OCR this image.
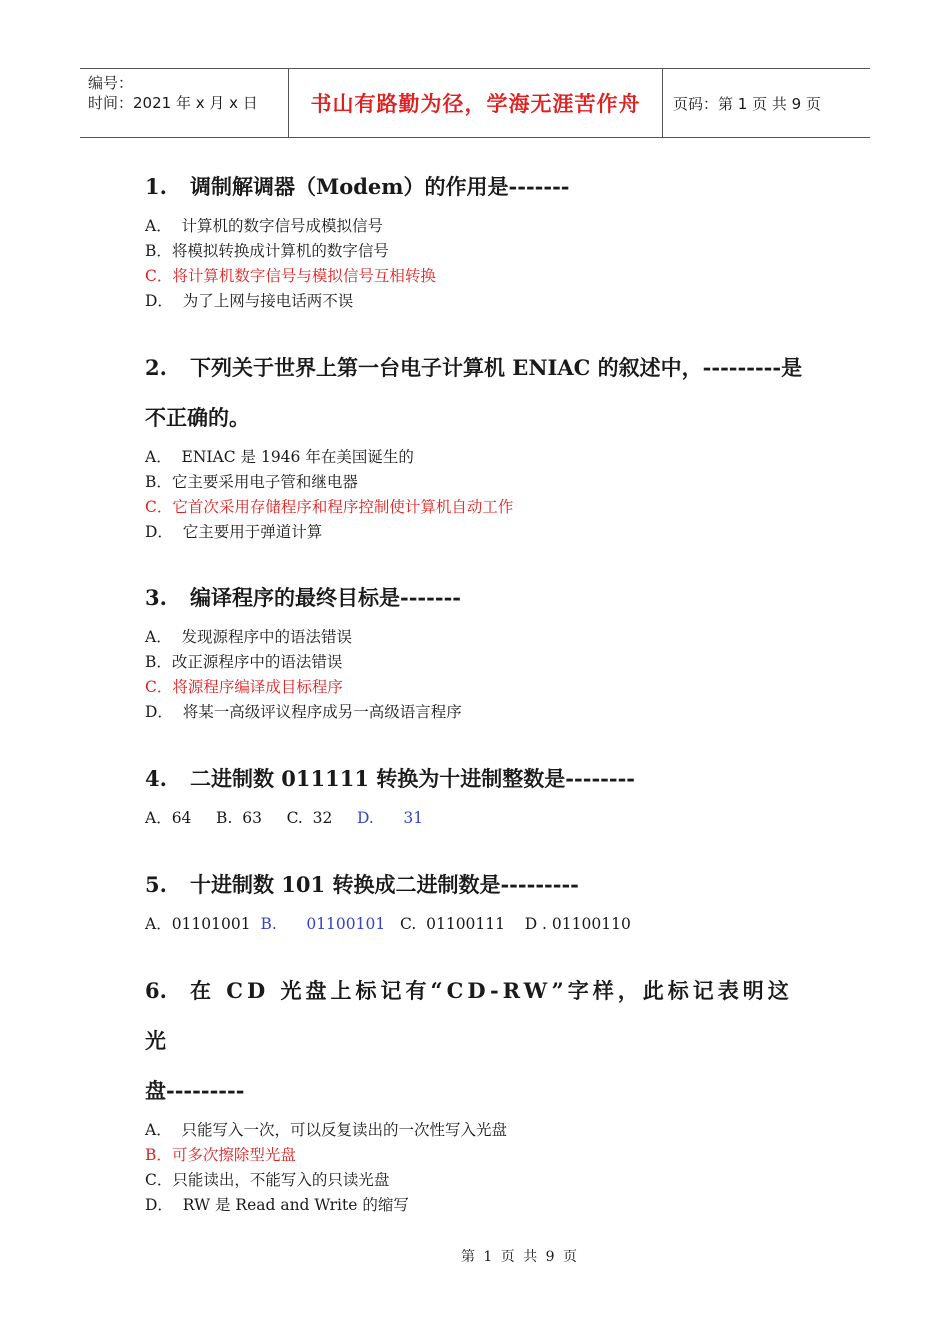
编号：
时间：2021 年 x 月 x 日	书山有路勤为径，学海无涯苦作舟	页码：第 1 页 共 9 页

1. 调制解调器（Modem）的作用是-------

A．  计算机的数字信号成模拟信号
B．将模拟转换成计算机的数字信号
C．将计算机数字信号与模拟信号互相转换
D．  为了上网与接电话两不误

2. 下列关于世界上第一台电子计算机 ENIAC 的叙述中，---------是

不正确的。

A．  ENIAC 是 1946 年在美国诞生的
B．它主要采用电子管和继电器
C．它首次采用存储程序和程序控制使计算机自动工作
D．  它主要用于弹道计算

3. 编译程序的最终目标是-------

A．  发现源程序中的语法错误
B．改正源程序中的语法错误
C．将源程序编译成目标程序
D．  将某一高级评议程序成另一高级语言程序

4. 二进制数 011111 转换为十进制整数是--------

A．64     B.  63     C.  32     D.      31

5. 十进制数 101 转换成二进制数是---------

A．01101001  B.      01100101   C.  01100111    D . 01100110

6. 在 CD 光盘上标记有“CD-RW”字样，此标记表明这光

盘---------

A．  只能写入一次，可以反复读出的一次性写入光盘
B．可多次擦除型光盘
C．只能读出，不能写入的只读光盘
D．  RW 是 Read and Write 的缩写
第 1 页 共 9 页
